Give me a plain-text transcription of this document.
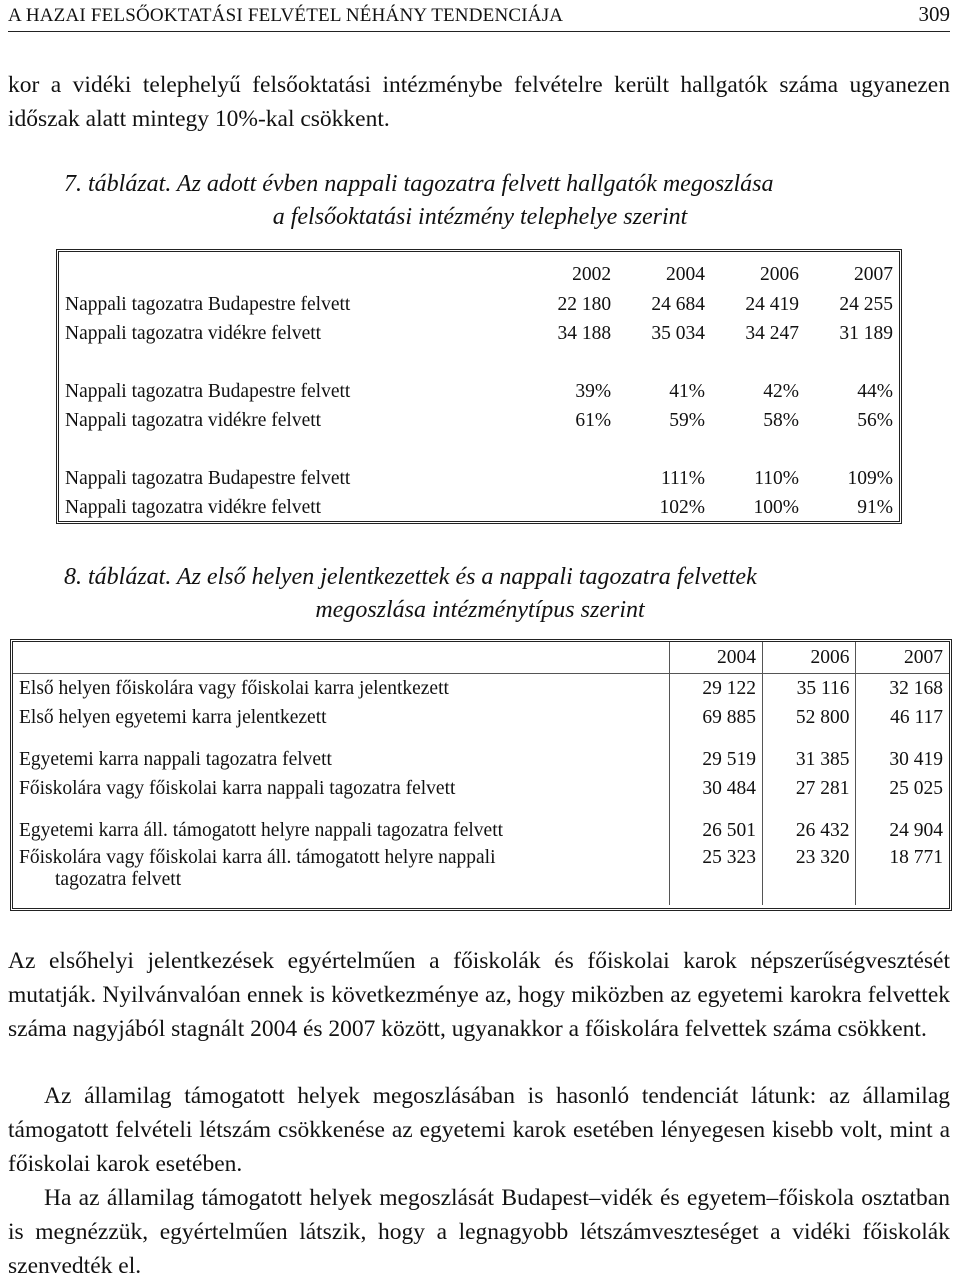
A HAZAI FELSŐOKTATÁSI FELVÉTEL NÉHÁNY TENDENCIÁJA	309

kor a vidéki telephelyű felsőoktatási intézménybe felvételre került hallgatók száma ugyanezen időszak alatt mintegy 10%-kal csökkent.

7. táblázat. Az adott évben nappali tagozatra felvett hallgatók megoszlása
a felsőoktatási intézmény telephelye szerint
	2002	2004	2006	2007
Nappali tagozatra Budapestre felvett	22 180	24 684	24 419	24 255
Nappali tagozatra vidékre felvett	34 188	35 034	34 247	31 189

Nappali tagozatra Budapestre felvett	39%	41%	42%	44%
Nappali tagozatra vidékre felvett	61%	59%	58%	56%

Nappali tagozatra Budapestre felvett		111%	110%	109%
Nappali tagozatra vidékre felvett		102%	100%	91%
8. táblázat. Az első helyen jelentkezettek és a nappali tagozatra felvettek
megoszlása intézménytípus szerint
	2004	2006	2007
Első helyen főiskolára vagy főiskolai karra jelentkezett	29 122	35 116	32 168
Első helyen egyetemi karra jelentkezett	69 885	52 800	46 117

Egyetemi karra nappali tagozatra felvett	29 519	31 385	30 419
Főiskolára vagy főiskolai karra nappali tagozatra felvett	30 484	27 281	25 025

Egyetemi karra áll. támogatott helyre nappali tagozatra felvett	26 501	26 432	24 904

Főiskolára vagy főiskolai karra áll. támogatott helyre nappali
tagozatra felvett	25 323	23 320	18 771

Az elsőhelyi jelentkezések egyértelműen a főiskolák és főiskolai karok népszerűségvesztését mutatják. Nyilvánvalóan ennek is következménye az, hogy miközben az egyetemi karokra felvettek száma nagyjából stagnált 2004 és 2007 között, ugyanakkor a főiskolára felvettek száma csökkent.

Az államilag támogatott helyek megoszlásában is hasonló tendenciát látunk: az államilag támogatott felvételi létszám csökkenése az egyetemi karok esetében lényegesen kisebb volt, mint a főiskolai karok esetében.

Ha az államilag támogatott helyek megoszlását Budapest–vidék és egyetem–főiskola osztatban is megnézzük, egyértelműen látszik, hogy a legnagyobb létszámveszteséget a vidéki főiskolák szenvedték el.
